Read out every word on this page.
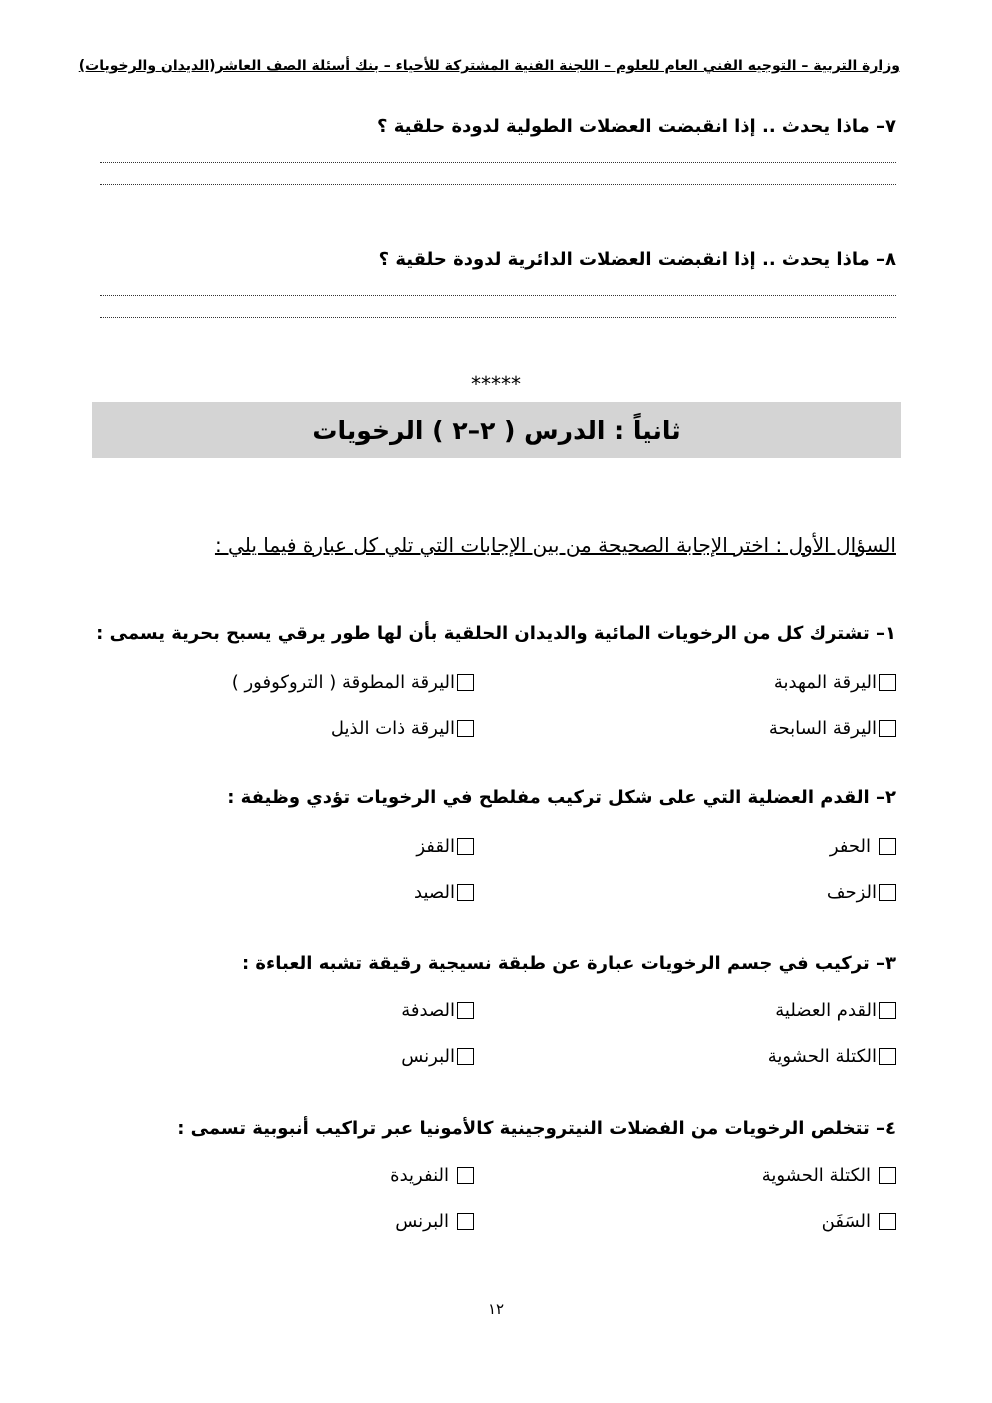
وزارة التربية – التوجيه الفني العام للعلوم – اللجنة الفنية المشتركة للأحياء – بنك أسئلة الصف العاشر(الديدان والرخويات)
٧– ماذا يحدث .. إذا انقبضت العضلات الطولية لدودة حلقية ؟
٨– ماذا يحدث .. إذا انقبضت العضلات الدائرية لدودة حلقية ؟
*****
ثانياً : الدرس ( ٢–٢ ) الرخويات
السؤال الأول : اختر الإجابة الصحيحة من بين الإجابات التي تلي كل عبارة فيما يلي :
١– تشترك كل من الرخويات المائية والديدان الحلقية بأن لها طور يرقي يسبح بحرية يسمى :
اليرقة المهدبة
اليرقة المطوقة ( التروكوفور )
اليرقة السابحة
اليرقة ذات الذيل
٢– القدم العضلية التي على شكل تركيب مفلطح في الرخويات تؤدي وظيفة :
الحفر
القفز
الزحف
الصيد
٣– تركيب في جسم الرخويات عبارة عن طبقة نسيجية رقيقة تشبه العباءة :
القدم العضلية
الصدفة
الكتلة الحشوية
البرنس
٤– تتخلص الرخويات من الفضلات النيتروجينية كالأمونيا عبر تراكيب أنبوبية تسمى :
الكتلة الحشوية
النفريدة
السَفَن
البرنس
١٢
